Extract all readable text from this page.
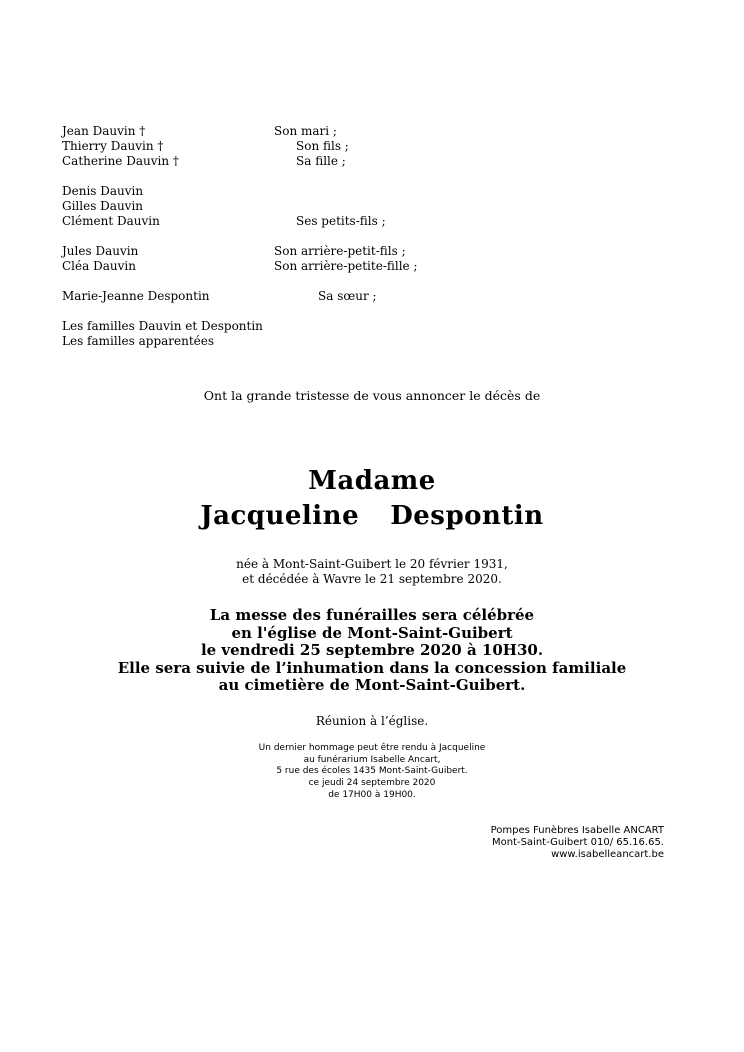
Jean Dauvin †
Thierry Dauvin †
Catherine Dauvin †
Denis Dauvin
Gilles Dauvin
Clément Dauvin
Jules Dauvin
Cléa Dauvin
Marie-Jeanne Despontin
Les familles Dauvin et Despontin
Les familles apparentées
Son mari ;
Son fils ;
Sa fille ;
Ses petits-fils ;
Son arrière-petit-fils ;
Son arrière-petite-fille ;
Sa sœur ;
Ont la grande tristesse de vous annoncer le décès de
Madame
Jacqueline  Despontin
née à Mont-Saint-Guibert le 20 février 1931,
et décédée à Wavre le 21 septembre 2020.
La messe des funérailles sera célébrée
en l'église de Mont-Saint-Guibert
le vendredi 25 septembre 2020 à 10H30.
Elle sera suivie de l’inhumation dans la concession familiale
au cimetière de Mont-Saint-Guibert.
Réunion à l’église.
Un dernier hommage peut être rendu à Jacqueline
au funérarium Isabelle Ancart,
5 rue des écoles 1435 Mont-Saint-Guibert.
ce jeudi 24 septembre 2020
de 17H00 à 19H00.
Pompes Funèbres Isabelle ANCART
Mont-Saint-Guibert 010/ 65.16.65.
www.isabelleancart.be
